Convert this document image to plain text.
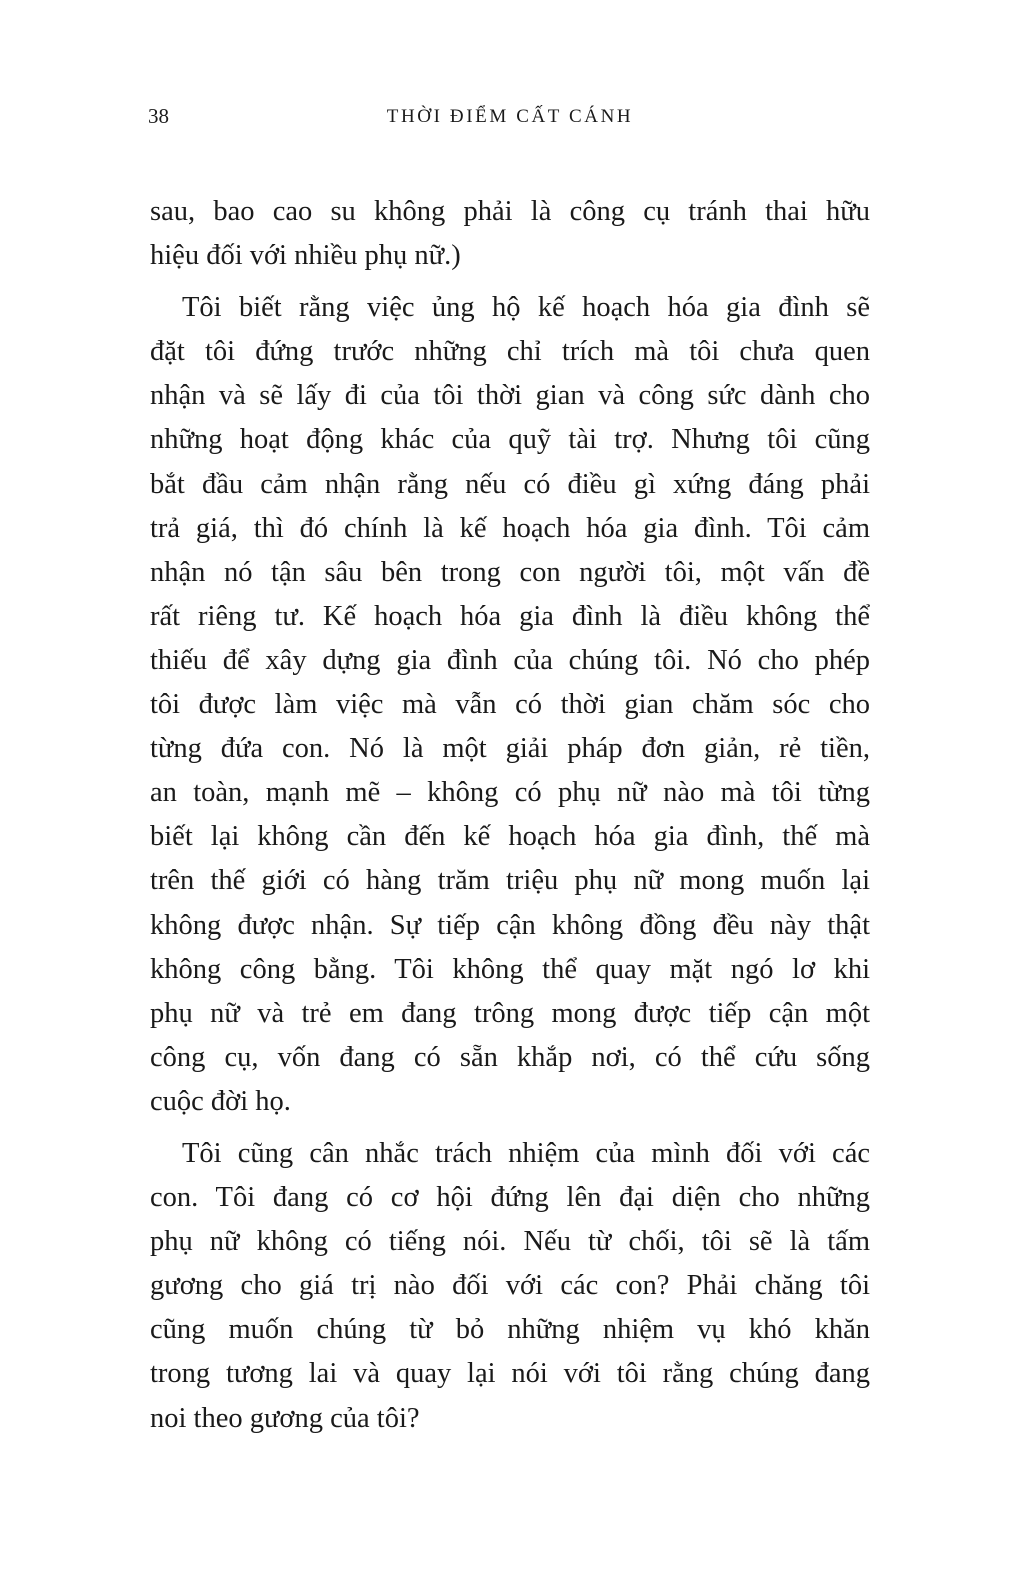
38	THỜI ĐIỂM CẤT CÁNH
sau, bao cao su không phải là công cụ tránh thai hữu
hiệu đối với nhiều phụ nữ.)
Tôi biết rằng việc ủng hộ kế hoạch hóa gia đình sẽ
đặt tôi đứng trước những chỉ trích mà tôi chưa quen
nhận và sẽ lấy đi của tôi thời gian và công sức dành cho
những hoạt động khác của quỹ tài trợ. Nhưng tôi cũng
bắt đầu cảm nhận rằng nếu có điều gì xứng đáng phải
trả giá, thì đó chính là kế hoạch hóa gia đình. Tôi cảm
nhận nó tận sâu bên trong con người tôi, một vấn đề
rất riêng tư. Kế hoạch hóa gia đình là điều không thể
thiếu để xây dựng gia đình của chúng tôi. Nó cho phép
tôi được làm việc mà vẫn có thời gian chăm sóc cho
từng đứa con. Nó là một giải pháp đơn giản, rẻ tiền,
an toàn, mạnh mẽ – không có phụ nữ nào mà tôi từng
biết lại không cần đến kế hoạch hóa gia đình, thế mà
trên thế giới có hàng trăm triệu phụ nữ mong muốn lại
không được nhận. Sự tiếp cận không đồng đều này thật
không công bằng. Tôi không thể quay mặt ngó lơ khi
phụ nữ và trẻ em đang trông mong được tiếp cận một
công cụ, vốn đang có sẵn khắp nơi, có thể cứu sống
cuộc đời họ.
Tôi cũng cân nhắc trách nhiệm của mình đối với các
con. Tôi đang có cơ hội đứng lên đại diện cho những
phụ nữ không có tiếng nói. Nếu từ chối, tôi sẽ là tấm
gương cho giá trị nào đối với các con? Phải chăng tôi
cũng muốn chúng từ bỏ những nhiệm vụ khó khăn
trong tương lai và quay lại nói với tôi rằng chúng đang
noi theo gương của tôi?
